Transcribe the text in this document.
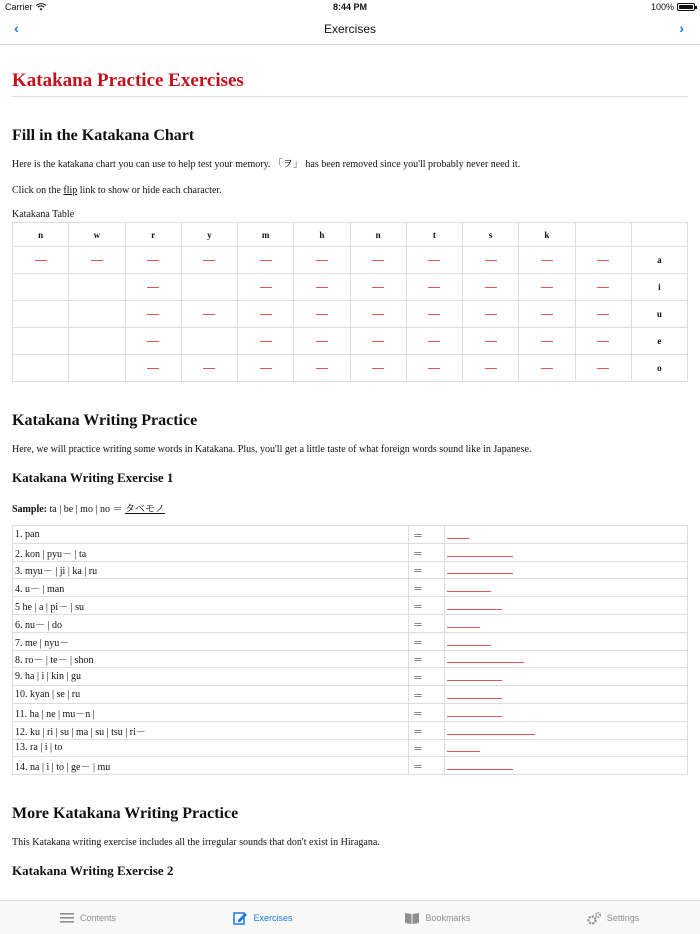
Carrier	8:44 PM	100%
‹	Exercises	›
Katakana Practice Exercises
Fill in the Katakana Chart

Here is the katakana chart you can use to help test your memory. 「ヲ」 has been removed since you'll probably never need it.

Click on the flip link to show or hide each character.

Katakana Table
n	w	r	y	m	h	n	t	s	k		
											a
											i
											u
											e
											o
Katakana Writing Practice

Here, we will practice writing some words in Katakana. Plus, you'll get a little taste of what foreign words sound like in Japanese.

Katakana Writing Exercise 1
Sample: ta | be | mo | no ＝ タベモノ
1. pan	＝	

2. kon | pyu－ | ta	＝	

3. myu－ | ji | ka | ru	＝	

4. u－ | man	＝	

5 he | a | pi－ | su	＝	

6. nu－ | do	＝	

7. me | nyu－	＝	

8. ro－ | te－ | shon	＝	

9. ha | i | kin | gu	＝	

10. kyan | se | ru	＝	

11. ha | ne | mu－n |	＝	

12. ku | ri | su | ma | su | tsu | ri－	＝	

13. ra | i | to	＝	

14. na | i | to | ge－ | mu	＝	
More Katakana Writing Practice

This Katakana writing exercise includes all the irregular sounds that don't exist in Hiragana.

Katakana Writing Exercise 2
Contents	Exercises	Bookmarks	Settings
